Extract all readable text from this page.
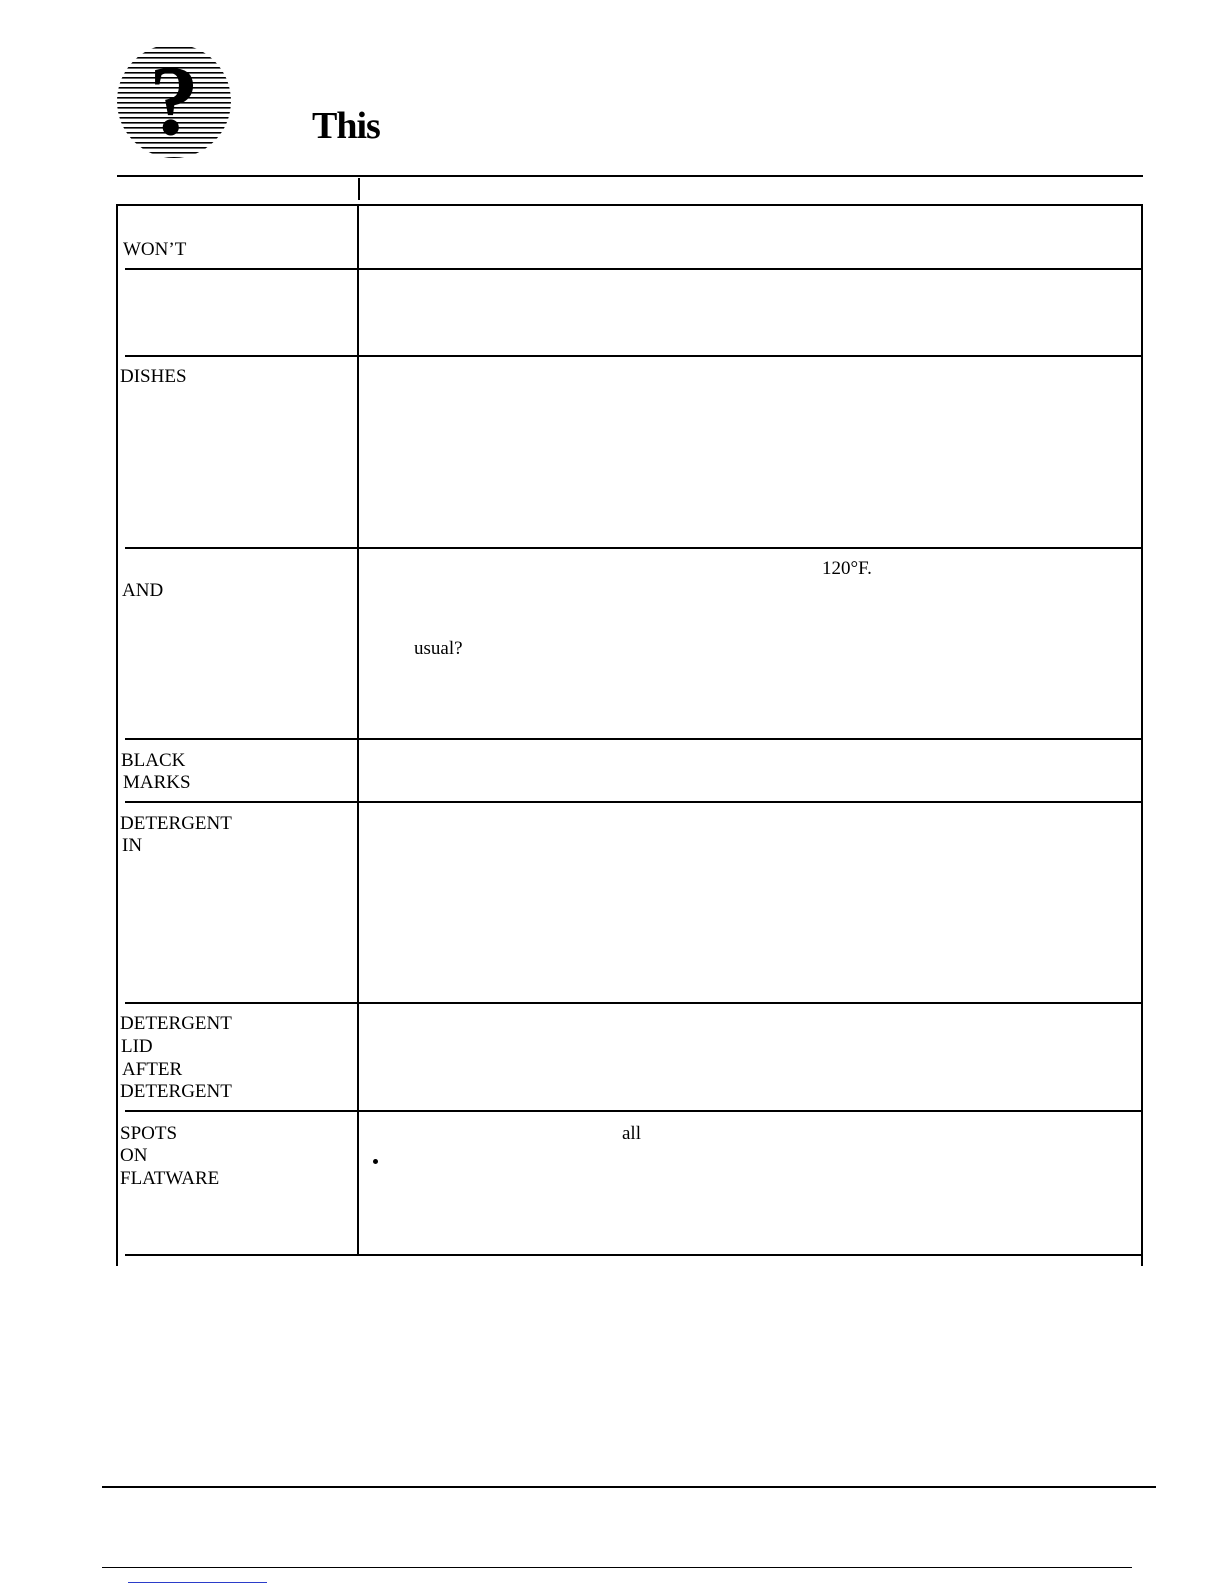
?	This
WON’T
DISHES
AND
BLACK
MARKS
DETERGENT
IN
DETERGENT
LID
AFTER
DETERGENT
SPOTS
ON
FLATWARE
120°F.
usual?
all
